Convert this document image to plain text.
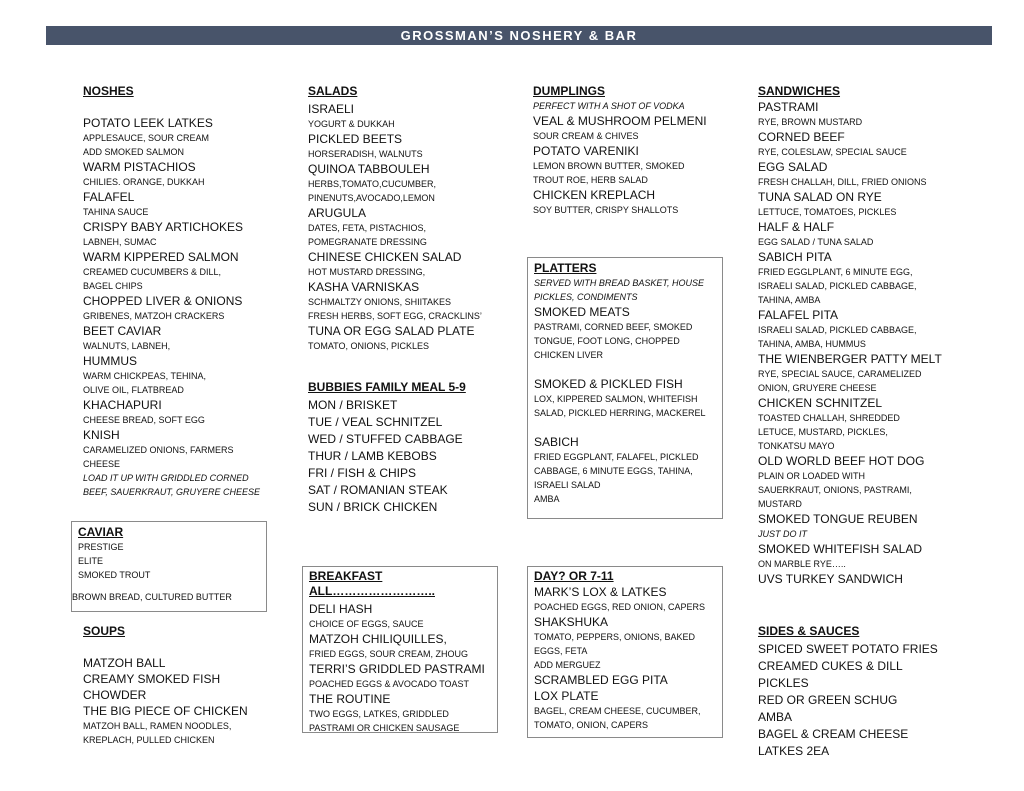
GROSSMAN’S NOSHERY & BAR
NOSHES
POTATO LEEK LATKES
APPLESAUCE, SOUR CREAM
ADD SMOKED SALMON
WARM PISTACHIOS
CHILIES. ORANGE, DUKKAH
FALAFEL
TAHINA SAUCE
CRISPY BABY ARTICHOKES
LABNEH, SUMAC
WARM KIPPERED SALMON
CREAMED CUCUMBERS & DILL,
BAGEL CHIPS
CHOPPED LIVER & ONIONS
GRIBENES, MATZOH CRACKERS
BEET CAVIAR
WALNUTS, LABNEH,
HUMMUS
WARM CHICKPEAS, TEHINA,
OLIVE OIL, FLATBREAD
KHACHAPURI
CHEESE BREAD, SOFT EGG
KNISH
CARAMELIZED ONIONS, FARMERS
CHEESE
LOAD IT UP WITH GRIDDLED CORNED
BEEF, SAUERKRAUT, GRUYERE CHEESE
CAVIAR
PRESTIGE
ELITE
SMOKED TROUT
BROWN BREAD, CULTURED BUTTER
SOUPS
MATZOH BALL
CREAMY SMOKED FISH
CHOWDER
THE BIG PIECE OF CHICKEN
MATZOH BALL, RAMEN NOODLES,
KREPLACH, PULLED CHICKEN
SALADS
ISRAELI
YOGURT & DUKKAH
PICKLED BEETS
HORSERADISH, WALNUTS
QUINOA TABBOULEH
HERBS,TOMATO,CUCUMBER,
PINENUTS,AVOCADO,LEMON
ARUGULA
DATES, FETA, PISTACHIOS,
POMEGRANATE DRESSING
CHINESE CHICKEN SALAD
HOT MUSTARD DRESSING,
KASHA VARNISKAS
SCHMALTZY ONIONS, SHIITAKES
FRESH HERBS, SOFT EGG, CRACKLINS’
TUNA OR EGG SALAD PLATE
TOMATO, ONIONS, PICKLES
BUBBIES FAMILY MEAL 5-9
MON / BRISKET
TUE / VEAL SCHNITZEL
WED / STUFFED CABBAGE
THUR / LAMB KEBOBS
FRI / FISH & CHIPS
SAT / ROMANIAN STEAK
SUN / BRICK CHICKEN
BREAKFAST ALL……………………..
DELI HASH
CHOICE OF EGGS, SAUCE
MATZOH CHILIQUILLES,
FRIED EGGS, SOUR CREAM, ZHOUG
TERRI’S GRIDDLED PASTRAMI
POACHED EGGS & AVOCADO TOAST
THE ROUTINE
TWO EGGS, LATKES, GRIDDLED
PASTRAMI OR CHICKEN SAUSAGE
DUMPLINGS
PERFECT WITH A SHOT OF VODKA
VEAL & MUSHROOM PELMENI
SOUR CREAM & CHIVES
POTATO VARENIKI
LEMON BROWN BUTTER, SMOKED
TROUT ROE, HERB SALAD
CHICKEN KREPLACH
SOY BUTTER, CRISPY SHALLOTS
PLATTERS
SERVED WITH BREAD BASKET, HOUSE
PICKLES, CONDIMENTS
SMOKED MEATS
PASTRAMI, CORNED BEEF, SMOKED
TONGUE, FOOT LONG, CHOPPED
CHICKEN LIVER
SMOKED & PICKLED FISH
LOX, KIPPERED SALMON, WHITEFISH
SALAD, PICKLED HERRING, MACKEREL
SABICH
FRIED EGGPLANT, FALAFEL, PICKLED
CABBAGE, 6 MINUTE EGGS, TAHINA,
ISRAELI SALAD
AMBA
DAY? OR 7-11
MARK’S LOX & LATKES
POACHED EGGS, RED ONION, CAPERS
SHAKSHUKA
TOMATO, PEPPERS, ONIONS, BAKED
EGGS, FETA
ADD MERGUEZ
SCRAMBLED EGG PITA
LOX PLATE
BAGEL, CREAM CHEESE, CUCUMBER,
TOMATO, ONION, CAPERS
SANDWICHES
PASTRAMI
RYE, BROWN MUSTARD
CORNED BEEF
RYE, COLESLAW, SPECIAL SAUCE
EGG SALAD
FRESH CHALLAH, DILL, FRIED ONIONS
TUNA SALAD ON RYE
LETTUCE, TOMATOES, PICKLES
HALF & HALF
EGG SALAD / TUNA SALAD
SABICH PITA
FRIED EGGLPLANT, 6 MINUTE EGG,
ISRAELI SALAD, PICKLED CABBAGE,
TAHINA, AMBA
FALAFEL PITA
ISRAELI SALAD, PICKLED CABBAGE,
TAHINA, AMBA, HUMMUS
THE WIENBERGER PATTY MELT
RYE, SPECIAL SAUCE, CARAMELIZED
ONION, GRUYERE CHEESE
CHICKEN SCHNITZEL
TOASTED CHALLAH, SHREDDED
LETUCE, MUSTARD, PICKLES,
TONKATSU MAYO
OLD WORLD BEEF HOT DOG
PLAIN OR LOADED WITH
SAUERKRAUT, ONIONS, PASTRAMI,
MUSTARD
SMOKED TONGUE REUBEN
JUST DO IT
SMOKED WHITEFISH SALAD
ON MARBLE RYE…..
UVS TURKEY SANDWICH
SIDES & SAUCES
SPICED SWEET POTATO FRIES
CREAMED CUKES & DILL
PICKLES
RED OR GREEN SCHUG
AMBA
BAGEL & CREAM CHEESE
LATKES 2EA
